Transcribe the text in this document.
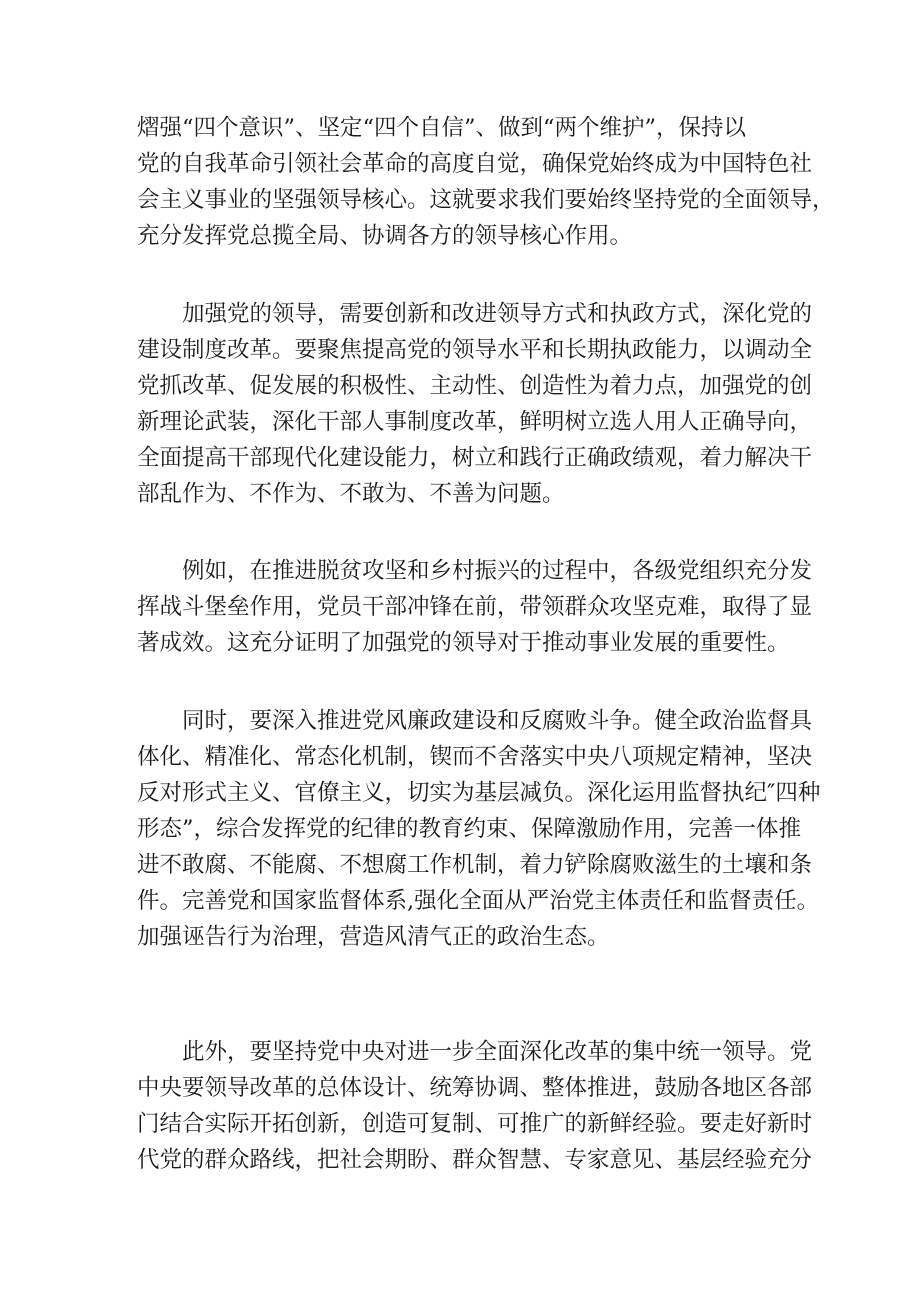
熠强“四个意识”、坚定“四个自信”、做到“两个维护”，保持以
党的自我革命引领社会革命的高度自觉，确保党始终成为中国特色社
会主义事业的坚强领导核心。这就要求我们要始终坚持党的全面领导，
充分发挥党总揽全局、协调各方的领导核心作用。

加强党的领导，需要创新和改进领导方式和执政方式，深化党的
建设制度改革。要聚焦提高党的领导水平和长期执政能力，以调动全
党抓改革、促发展的积极性、主动性、创造性为着力点，加强党的创
新理论武装，深化干部人事制度改革，鲜明树立选人用人正确导向，
全面提高干部现代化建设能力，树立和践行正确政绩观，着力解决干
部乱作为、不作为、不敢为、不善为问题。

例如，在推进脱贫攻坚和乡村振兴的过程中，各级党组织充分发
挥战斗堡垒作用，党员干部冲锋在前，带领群众攻坚克难，取得了显
著成效。这充分证明了加强党的领导对于推动事业发展的重要性。

同时，要深入推进党风廉政建设和反腐败斗争。健全政治监督具
体化、精准化、常态化机制，锲而不舍落实中央八项规定精神，坚决
反对形式主义、官僚主义，切实为基层减负。深化运用监督执纪″四种
形态”，综合发挥党的纪律的教育约束、保障激励作用，完善一体推
进不敢腐、不能腐、不想腐工作机制，着力铲除腐败滋生的土壤和条
件。完善党和国家监督体系,强化全面从严治党主体责任和监督责任。
加强诬告行为治理，营造风清气正的政治生态。

此外，要坚持党中央对进一步全面深化改革的集中统一领导。党
中央要领导改革的总体设计、统筹协调、整体推进，鼓励各地区各部
门结合实际开拓创新，创造可复制、可推广的新鲜经验。要走好新时
代党的群众路线，把社会期盼、群众智慧、专家意见、基层经验充分
